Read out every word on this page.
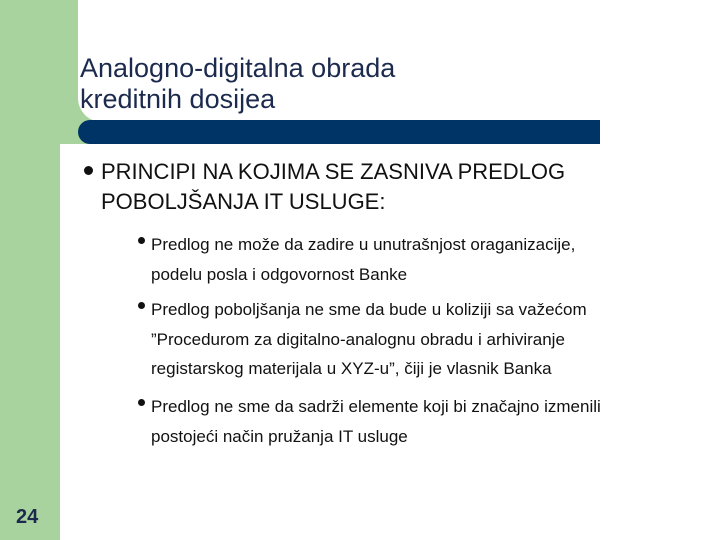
Analogno-digitalna obrada
kreditnih dosijea
PRINCIPI NA KOJIMA SE ZASNIVA PREDLOG
POBOLJŠANJA IT USLUGE:
Predlog ne može da zadire u unutrašnjost oraganizacije,
podelu posla i odgovornost Banke
Predlog poboljšanja ne sme da bude u koliziji sa važećom
”Procedurom za digitalno-analognu obradu i arhiviranje
registarskog materijala u XYZ-u”, čiji je vlasnik Banka
Predlog ne sme da sadrži elemente koji bi značajno izmenili
postojeći način pružanja IT usluge
24
